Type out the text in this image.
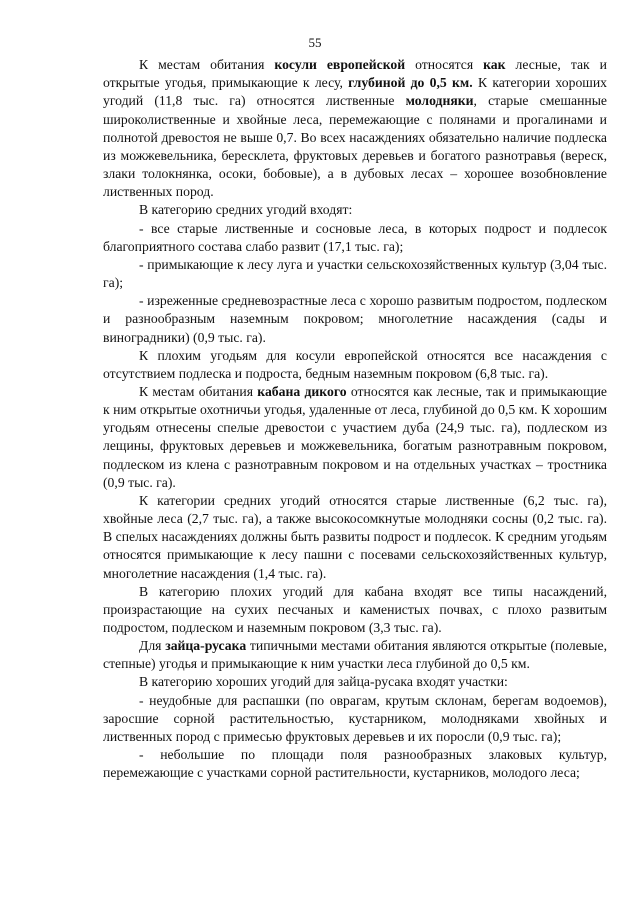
55

К местам обитания косули европейской относятся как лесные, так и открытые угодья, примыкающие к лесу, глубиной до 0,5 км. К категории хороших угодий (11,8 тыс. га) относятся лиственные молодняки, старые смешанные широколиственные и хвойные леса, перемежающие с полянами и прогалинами и полнотой древостоя не выше 0,7. Во всех насаждениях обязательно наличие подлеска из можжевельника, бересклета, фруктовых деревьев и богатого разнотравья (вереск, злаки толокнянка, осоки, бобовые), а в дубовых лесах – хорошее возобновление лиственных пород.

В категорию средних угодий входят:

- все старые лиственные и сосновые леса, в которых подрост и подлесок благоприятного состава слабо развит (17,1 тыс. га);

- примыкающие к лесу луга и участки сельскохозяйственных культур (3,04 тыс. га);

- изреженные средневозрастные леса с хорошо развитым подростом, подлеском и разнообразным наземным покровом; многолетние насаждения (сады и виноградники) (0,9 тыс. га).

К плохим угодьям для косули европейской относятся все насаждения с отсутствием подлеска и подроста, бедным наземным покровом (6,8 тыс. га).

К местам обитания кабана дикого относятся как лесные, так и примыкающие к ним открытые охотничьи угодья, удаленные от леса, глубиной до 0,5 км. К хорошим угодьям отнесены спелые древостои с участием дуба (24,9 тыс. га), подлеском из лещины, фруктовых деревьев и можжевельника, богатым разнотравным покровом, подлеском из клена с разнотравным покровом и на отдельных участках – тростника (0,9 тыс. га).

К категории средних угодий относятся старые лиственные (6,2 тыс. га), хвойные леса (2,7 тыс. га), а также высокосомкнутые молодняки сосны (0,2 тыс. га). В спелых насаждениях должны быть развиты подрост и подлесок. К средним угодьям относятся примыкающие к лесу пашни с посевами сельскохозяйственных культур, многолетние насаждения (1,4 тыс. га).

В категорию плохих угодий для кабана входят все типы насаждений, произрастающие на сухих песчаных и каменистых почвах, с плохо развитым подростом, подлеском и наземным покровом (3,3 тыс. га).

Для зайца-русака типичными местами обитания являются открытые (полевые, степные) угодья и примыкающие к ним участки леса глубиной до 0,5 км.

В категорию хороших угодий для зайца-русака входят участки:

- неудобные для распашки (по оврагам, крутым склонам, берегам водоемов), заросшие сорной растительностью, кустарником, молодняками хвойных и лиственных пород с примесью фруктовых деревьев и их поросли (0,9 тыс. га);

- небольшие по площади поля разнообразных злаковых культур, перемежающие с участками сорной растительности, кустарников, молодого леса;
